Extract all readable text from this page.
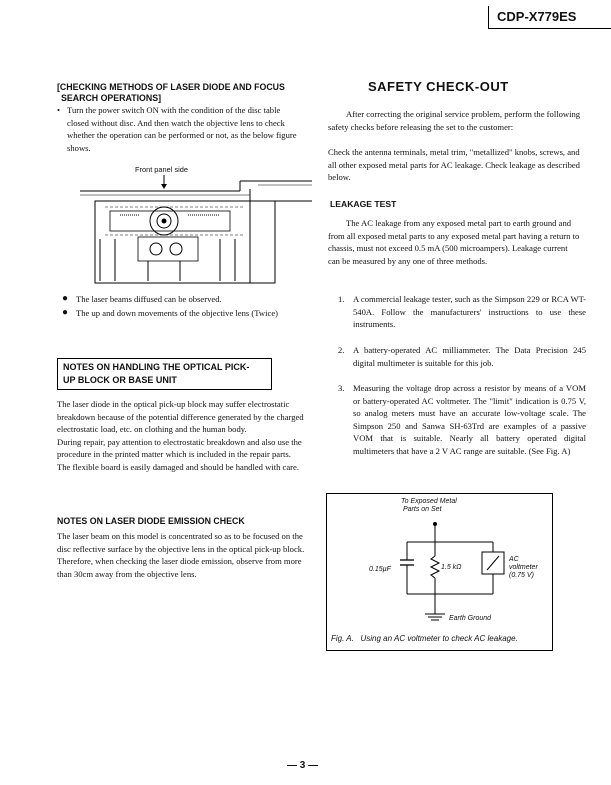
CDP-X779ES
[CHECKING METHODS OF LASER DIODE AND FOCUS
SEARCH OPERATIONS]
• Turn the power switch ON with the condition of the disc table closed without disc. And then watch the objective lens to check whether the operation can be performed or not, as the below figure shows.
Front panel side
● The laser beams diffused can be observed.
● The up and down movements of the objective lens (Twice)
NOTES ON HANDLING THE OPTICAL PICK-
UP BLOCK OR BASE UNIT
The laser diode in the optical pick-up block may suffer electrostatic breakdown because of the potential difference generated by the charged electrostatic load, etc. on clothing and the human body.
During repair, pay attention to electrostatic breakdown and also use the procedure in the printed matter which is included in the repair parts.
The flexible board is easily damaged and should be handled with care.
NOTES ON LASER DIODE EMISSION CHECK
The laser beam on this model is concentrated so as to be focused on the disc reflective surface by the objective lens in the optical pick-up block. Therefore, when checking the laser diode emission, observe from more than 30cm away from the objective lens.
SAFETY CHECK-OUT
After correcting the original service problem, perform the following safety checks before releasing the set to the customer:
Check the antenna terminals, metal trim, "metallized" knobs, screws, and all other exposed metal parts for AC leakage. Check leakage as described below.
LEAKAGE TEST
The AC leakage from any exposed metal part to earth ground and from all exposed metal parts to any exposed metal part having a return to chassis, must not exceed 0.5 mA (500 microampers). Leakage current can be measured by any one of three methods.
1. A commercial leakage tester, such as the Simpson 229 or RCA WT-540A. Follow the manufacturers' instructions to use these instruments.
2. A battery-operated AC milliammeter. The Data Precision 245 digital multimeter is suitable for this job.
3. Measuring the voltage drop across a resistor by means of a VOM or battery-operated AC voltmeter. The "limit" indication is 0.75 V, so analog meters must have an accurate low-voltage scale. The Simpson 250 and Sanwa SH-63Trd are examples of a passive VOM that is suitable. Nearly all battery operated digital multimeters that have a 2 V AC range are suitable. (See Fig. A)
To Exposed Metal
Parts on Set
0.15µF	1.5 kΩ
AC
voltmeter
(0.75 V)
Earth Ground
Fig. A. Using an AC voltmeter to check AC leakage.
— 3 —
